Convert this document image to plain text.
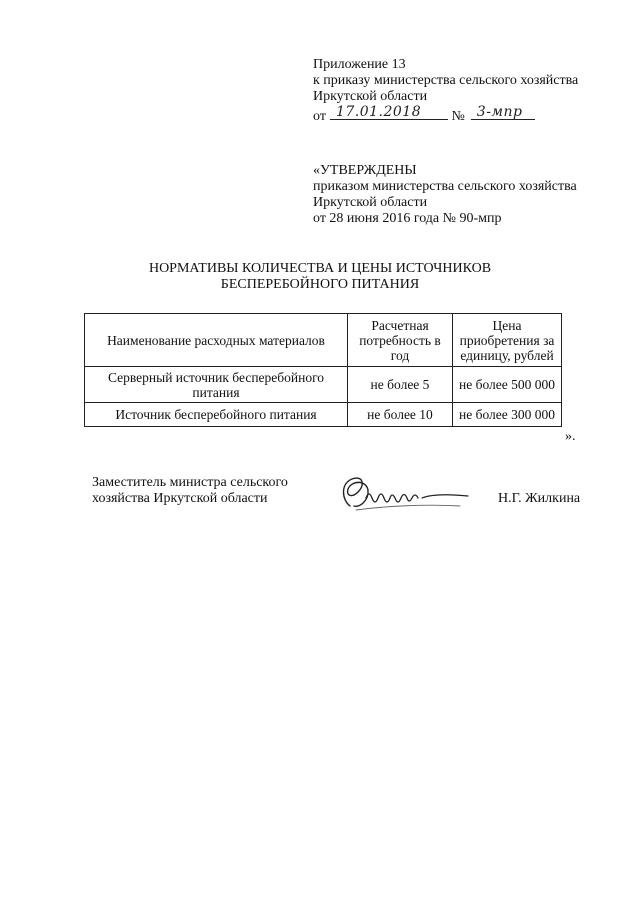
Приложение 13
к приказу министерства сельского хозяйства
Иркутской области
от 17.01.2018 № 3-мпр
«УТВЕРЖДЕНЫ
приказом министерства сельского хозяйства
Иркутской области
от 28 июня 2016 года № 90-мпр
НОРМАТИВЫ КОЛИЧЕСТВА И ЦЕНЫ ИСТОЧНИКОВ
БЕСПЕРЕБОЙНОГО ПИТАНИЯ
Наименование расходных материалов	Расчетная потребность в год	Цена приобретения за единицу, рублей
Серверный источник бесперебойного питания	не более 5	не более 500 000
Источник бесперебойного питания	не более 10	не более 300 000
».
Заместитель министра сельского
хозяйства Иркутской области	Н.Г. Жилкина
